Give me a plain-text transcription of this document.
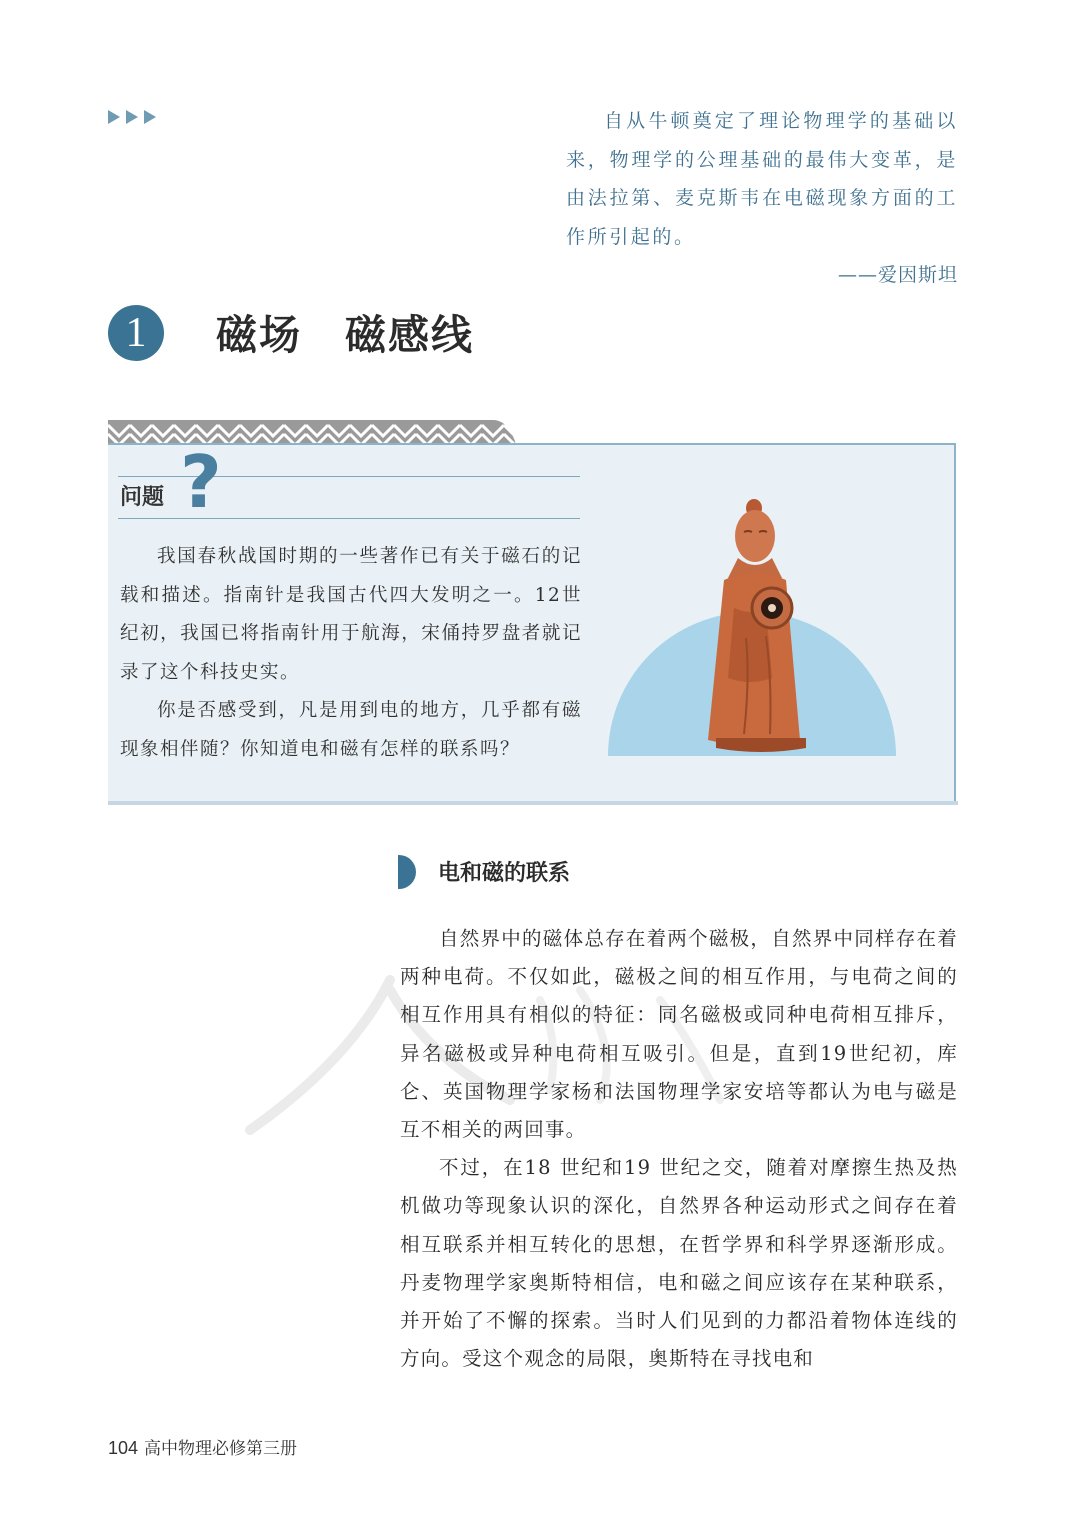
自从牛顿奠定了理论物理学的基础以来，物理学的公理基础的最伟大变革，是由法拉第、麦克斯韦在电磁现象方面的工作所引起的。

——爱因斯坦
1	磁场　磁感线
问题 ?

我国春秋战国时期的一些著作已有关于磁石的记载和描述。指南针是我国古代四大发明之一。12世纪初，我国已将指南针用于航海，宋俑持罗盘者就记录了这个科技史实。

你是否感受到，凡是用到电的地方，几乎都有磁现象相伴随？你知道电和磁有怎样的联系吗？

电和磁的联系

自然界中的磁体总存在着两个磁极，自然界中同样存在着两种电荷。不仅如此，磁极之间的相互作用，与电荷之间的相互作用具有相似的特征：同名磁极或同种电荷相互排斥，异名磁极或异种电荷相互吸引。但是，直到19世纪初，库仑、英国物理学家杨和法国物理学家安培等都认为电与磁是互不相关的两回事。

不过，在18 世纪和19 世纪之交，随着对摩擦生热及热机做功等现象认识的深化，自然界各种运动形式之间存在着相互联系并相互转化的思想，在哲学界和科学界逐渐形成。丹麦物理学家奥斯特相信，电和磁之间应该存在某种联系，并开始了不懈的探索。当时人们见到的力都沿着物体连线的方向。受这个观念的局限，奥斯特在寻找电和

104 高中物理必修第三册
